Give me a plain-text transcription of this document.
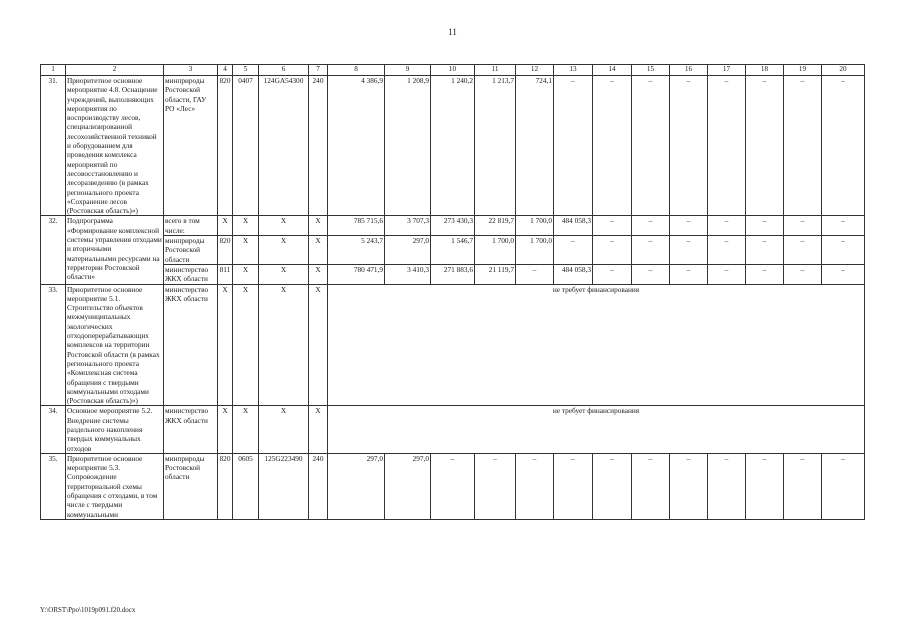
11
1	2	3	4	5	6	7	8	9	10	11	12	13	14	15	16	17	18	19	20
31.	Приоритетное основное мероприятие 4.8. Оснащение учреждений, выполняющих мероприятия по воспроизводству лесов, специализированной лесохозяйственной техникой и оборудованием для проведения комплекса мероприятий по лесовосстановлению и лесоразведению (в рамках регионального проекта «Сохранение лесов (Ростовская область)»)	минприроды Ростовской области, ГАУ РО «Лес»	820	0407	124GA54300	240	4 386,9	1 208,9	1 240,2	1 213,7	724,1	–	–	–	–	–	–	–	–
32.	Подпрограмма «Формирование комплексной системы управления отходами и вторичными материальными ресурсами на территории Ростовской области»	всего в том числе:	X	X	X	X	785 715,6	3 707,3	273 430,3	22 819,7	1 700,0	484 058,3	–	–	–	–	–	–	–
		минприроды Ростовской области	820	X	X	X	5 243,7	297,0	1 546,7	1 700,0	1 700,0	–	–	–	–	–	–	–	–
		министерство ЖКХ области	811	X	X	X	780 471,9	3 410,3	271 883,6	21 119,7	–	484 058,3	–	–	–	–	–	–	–
33.	Приоритетное основное мероприятие 5.1. Строительство объектов межмуниципальных экологических отходоперерабатывающих комплексов на территории Ростовской области (в рамках регионального проекта «Комплексная система обращения с твердыми коммунальными отходами (Ростовская область)»)	министерство ЖКХ области	X	X	X	X	не требует финансирования												
34.	Основное мероприятие 5.2. Внедрение системы раздельного накопления твердых коммунальных отходов	министерство ЖКХ области	X	X	X	X	не требует финансирования												
35.	Приоритетное основное мероприятие 5.3. Сопровождение территориальной схемы обращения с отходами, в том числе с твердыми коммунальными	минприроды Ростовской области	820	0605	125G223490	240	297,0	297,0	–	–	–	–	–	–	–	–	–	–	–
Y:\ORST\Ppo\1019p091.f20.docx
